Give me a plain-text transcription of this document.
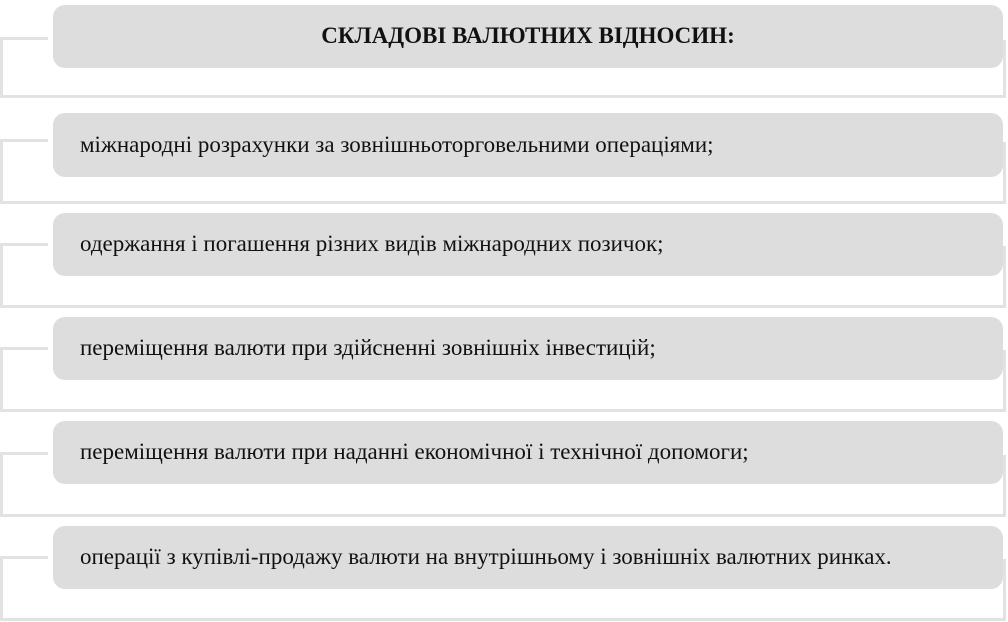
СКЛАДОВІ ВАЛЮТНИХ ВІДНОСИН:
міжнародні розрахунки за зовнішньоторговельними операціями;
одержання і погашення різних видів міжнародних позичок;
переміщення валюти при здійсненні зовнішніх інвестицій;
переміщення валюти при наданні економічної і технічної допомоги;
операції з купівлі-продажу валюти на внутрішньому і зовнішніх валютних ринках.
